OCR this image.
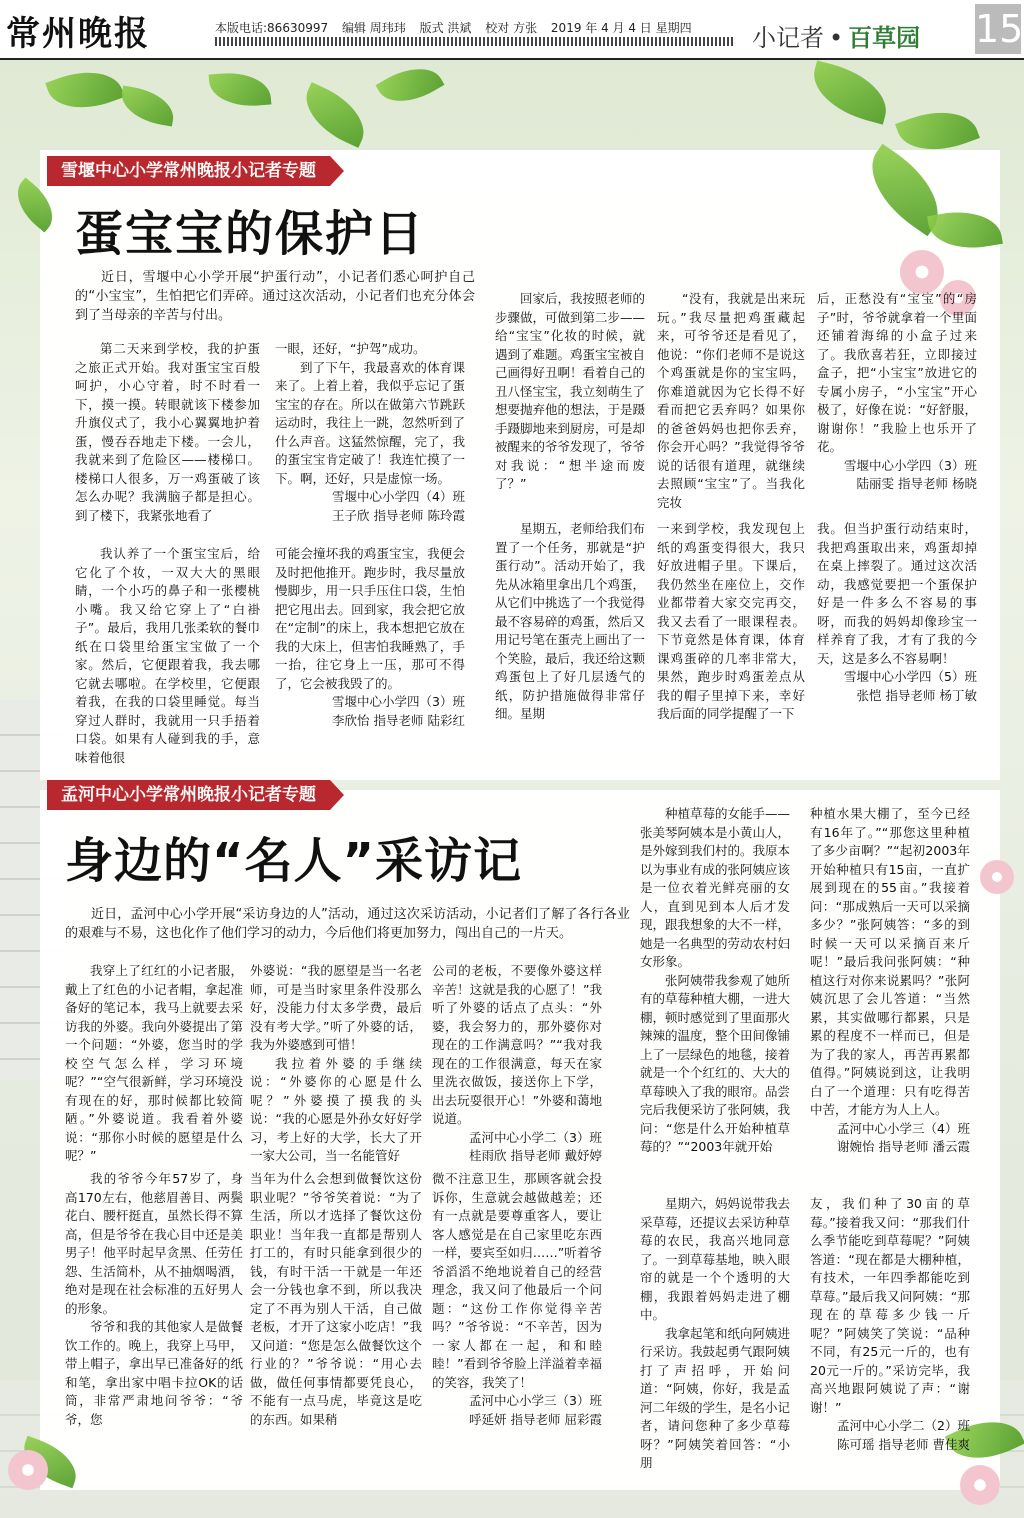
常州晚报	本版电话:86630997 编辑 周玮玮 版式 洪斌 校对 方张 2019 年 4 月 4 日 星期四	小记者 • 百草园 15
雪堰中心小学常州晚报小记者专题
蛋宝宝的保护日
近日，雪堰中心小学开展“护蛋行动”，小记者们悉心呵护自己的“小宝宝”，生怕把它们弄碎。通过这次活动，小记者们也充分体会到了当母亲的辛苦与付出。

第二天来到学校，我的护蛋之旅正式开始。我对蛋宝宝百般呵护，小心守着，时不时看一下，摸一摸。转眼就该下楼参加升旗仪式了，我小心翼翼地护着蛋，慢吞吞地走下楼。一会儿，我就来到了危险区——楼梯口。楼梯口人很多，万一鸡蛋破了该怎么办呢？我满脑子都是担心。到了楼下，我紧张地看了

一眼，还好，“护驾”成功。

到了下午，我最喜欢的体育课来了。上着上着，我似乎忘记了蛋宝宝的存在。所以在做第六节跳跃运动时，我往上一跳，忽然听到了什么声音。这猛然惊醒，完了，我的蛋宝宝肯定破了！我连忙摸了一下。啊，还好，只是虚惊一场。

雪堰中心小学四（4）班

王子欣 指导老师 陈玲霞

回家后，我按照老师的步骤做，可做到第二步——给“宝宝”化妆的时候，就遇到了难题。鸡蛋宝宝被自己画得好丑啊！看着自己的丑八怪宝宝，我立刻萌生了想要抛弃他的想法，于是蹑手蹑脚地来到厨房，可是却被醒来的爷爷发现了，爷爷对我说：“想半途而废了？”

“没有，我就是出来玩玩。”我尽量把鸡蛋藏起来，可爷爷还是看见了，他说：“你们老师不是说这个鸡蛋就是你的宝宝吗，你难道就因为它长得不好看而把它丢弃吗？如果你的爸爸妈妈也把你丢弃，你会开心吗？”我觉得爷爷说的话很有道理，就继续去照顾“宝宝”了。当我化完妆

后，正愁没有“宝宝”的“房子”时，爷爷就拿着一个里面还铺着海绵的小盒子过来了。我欣喜若狂，立即接过盒子，把“小宝宝”放进它的专属小房子，“小宝宝”开心极了，好像在说：“好舒服，谢谢你！”我脸上也乐开了花。

雪堰中心小学四（3）班

陆丽雯 指导老师 杨晓

我认养了一个蛋宝宝后，给它化了个妆，一双大大的黑眼睛，一个小巧的鼻子和一张樱桃小嘴。我又给它穿上了“白褂子”。最后，我用几张柔软的餐巾纸在口袋里给蛋宝宝做了一个家。然后，它便跟着我，我去哪它就去哪啦。在学校里，它便跟着我，在我的口袋里睡觉。每当穿过人群时，我就用一只手捂着口袋。如果有人碰到我的手，意味着他很

可能会撞坏我的鸡蛋宝宝，我便会及时把他推开。跑步时，我尽量放慢脚步，用一只手压住口袋，生怕把它甩出去。回到家，我会把它放在“定制”的床上，我本想把它放在我的大床上，但害怕我睡熟了，手一抬，往它身上一压，那可不得了，它会被我毁了的。

雪堰中心小学四（3）班

李欣怡 指导老师 陆彩红

星期五，老师给我们布置了一个任务，那就是“护蛋行动”。活动开始了，我先从冰箱里拿出几个鸡蛋，从它们中挑选了一个我觉得最不容易碎的鸡蛋，然后又用记号笔在蛋壳上画出了一个笑脸，最后，我还给这颗鸡蛋包上了好几层透气的纸，防护措施做得非常仔细。星期

一来到学校，我发现包上纸的鸡蛋变得很大，我只好放进帽子里。下课后，我仍然坐在座位上，交作业都带着大家交完再交，我又去看了一眼课程表。下节竟然是体育课，体育课鸡蛋碎的几率非常大，果然，跑步时鸡蛋差点从我的帽子里掉下来，幸好我后面的同学提醒了一下

我。但当护蛋行动结束时，我把鸡蛋取出来，鸡蛋却掉在桌上摔裂了。通过这次活动，我感觉要把一个蛋保护好是一件多么不容易的事呀，而我的妈妈却像珍宝一样养育了我，才有了我的今天，这是多么不容易啊！

雪堰中心小学四（5）班

张恺 指导老师 杨丁敏

孟河中心小学常州晚报小记者专题
身边的“名人”采访记
近日，孟河中心小学开展“采访身边的人”活动，通过这次采访活动，小记者们了解了各行各业的艰难与不易，这也化作了他们学习的动力，今后他们将更加努力，闯出自己的一片天。

我穿上了红红的小记者服，戴上了红色的小记者帽，拿起准备好的笔记本，我马上就要去采访我的外婆。我向外婆提出了第一个问题：“外婆，您当时的学校空气怎么样，学习环境呢？”“空气很新鲜，学习环境没有现在的好，那时候都比较简陋。”外婆说道。我看着外婆说：“那你小时候的愿望是什么呢？”

外婆说：“我的愿望是当一名老师，可是当时家里条件没那么好，没能力付太多学费，最后没有考大学。”听了外婆的话，我为外婆感到可惜！

我拉着外婆的手继续说：“外婆你的心愿是什么呢？”外婆摸了摸我的头说：“我的心愿是外孙女好好学习，考上好的大学，长大了开一家大公司，当一名能管好

公司的老板，不要像外婆这样辛苦！这就是我的心愿了！”我听了外婆的话点了点头：“外婆，我会努力的，那外婆你对现在的工作满意吗？”“我对我现在的工作很满意，每天在家里洗衣做饭，接送你上下学，出去玩耍很开心！”外婆和蔼地说道。

孟河中心小学二（3）班

桂雨欣 指导老师 戴妤婷

种植草莓的女能手——张美琴阿姨本是小黄山人，是外嫁到我们村的。我原本以为事业有成的张阿姨应该是一位衣着光鲜亮丽的女人，直到见到本人后才发现，跟我想象的大不一样，她是一名典型的劳动农村妇女形象。

张阿姨带我参观了她所有的草莓种植大棚，一进大棚，顿时感觉到了里面那火辣辣的温度，整个田间像铺上了一层绿色的地毯，接着就是一个个红红的、大大的草莓映入了我的眼帘。品尝完后我便采访了张阿姨，我问：“您是什么开始种植草莓的？”“2003年就开始

种植水果大棚了，至今已经有16年了。”“那您这里种植了多少亩啊？”“起初2003年开始种植只有15亩，一直扩展到现在的55亩。”我接着问：“那成熟后一天可以采摘多少？”张阿姨答：“多的到时候一天可以采摘百来斤呢！”最后我问张阿姨：“种植这行对你来说累吗？”张阿姨沉思了会儿答道：“当然累，其实做哪行都累，只是累的程度不一样而已，但是为了我的家人，再苦再累都值得。”阿姨说到这，让我明白了一个道理：只有吃得苦中苦，才能方为人上人。

孟河中心小学三（4）班

谢婉怡 指导老师 潘云霞

我的爷爷今年57岁了，身高170左右，他慈眉善目、两鬓花白、腰杆挺直，虽然长得不算高，但是爷爷在我心目中还是美男子！他平时起早贪黑、任劳任怨、生活简朴，从不抽烟喝酒，绝对是现在社会标准的五好男人的形象。

爷爷和我的其他家人是做餐饮工作的。晚上，我穿上马甲，带上帽子，拿出早已准备好的纸和笔，拿出家中唱卡拉OK的话筒，非常严肃地问爷爷：“爷爷，您

当年为什么会想到做餐饮这份职业呢？”爷爷笑着说：“为了生活，所以才选择了餐饮这份职业！当年我一直都是帮别人打工的，有时只能拿到很少的钱，有时干活一干就是一年还会一分钱也拿不到，所以我决定了不再为别人干活，自己做老板，才开了这家小吃店！”我又问道：“您是怎么做餐饮这个行业的？”爷爷说：“用心去做，做任何事情都要凭良心，不能有一点马虎，毕竟这是吃的东西。如果稍

微不注意卫生，那顾客就会投诉你，生意就会越做越差；还有一点就是要尊重客人，要让客人感觉是在自己家里吃东西一样，要宾至如归……”听着爷爷滔滔不绝地说着自己的经营理念，我又问了他最后一个问题：“这份工作你觉得辛苦吗？”爷爷说：“不辛苦，因为一家人都在一起，和和睦睦！”看到爷爷脸上洋溢着幸福的笑容，我笑了！

孟河中心小学三（3）班

呼延妍 指导老师 屈彩霞

星期六，妈妈说带我去采草莓，还提议去采访种草莓的农民，我高兴地同意了。一到草莓基地，映入眼帘的就是一个个透明的大棚，我跟着妈妈走进了棚中。

我拿起笔和纸向阿姨进行采访。我鼓起勇气跟阿姨打了声招呼，开始问道：“阿姨，你好，我是孟河二年级的学生，是名小记者，请问您种了多少草莓呀？”阿姨笑着回答：“小朋

友，我们种了30亩的草莓。”接着我又问：“那我们什么季节能吃到草莓呢？”阿姨答道：“现在都是大棚种植，有技术，一年四季都能吃到草莓。”最后我又问阿姨：“那现在的草莓多少钱一斤呢？”阿姨笑了笑说：“品种不同，有25元一斤的，也有20元一斤的。”采访完毕，我高兴地跟阿姨说了声：“谢谢！”

孟河中心小学二（2）班

陈可瑶 指导老师 曹佳爽
